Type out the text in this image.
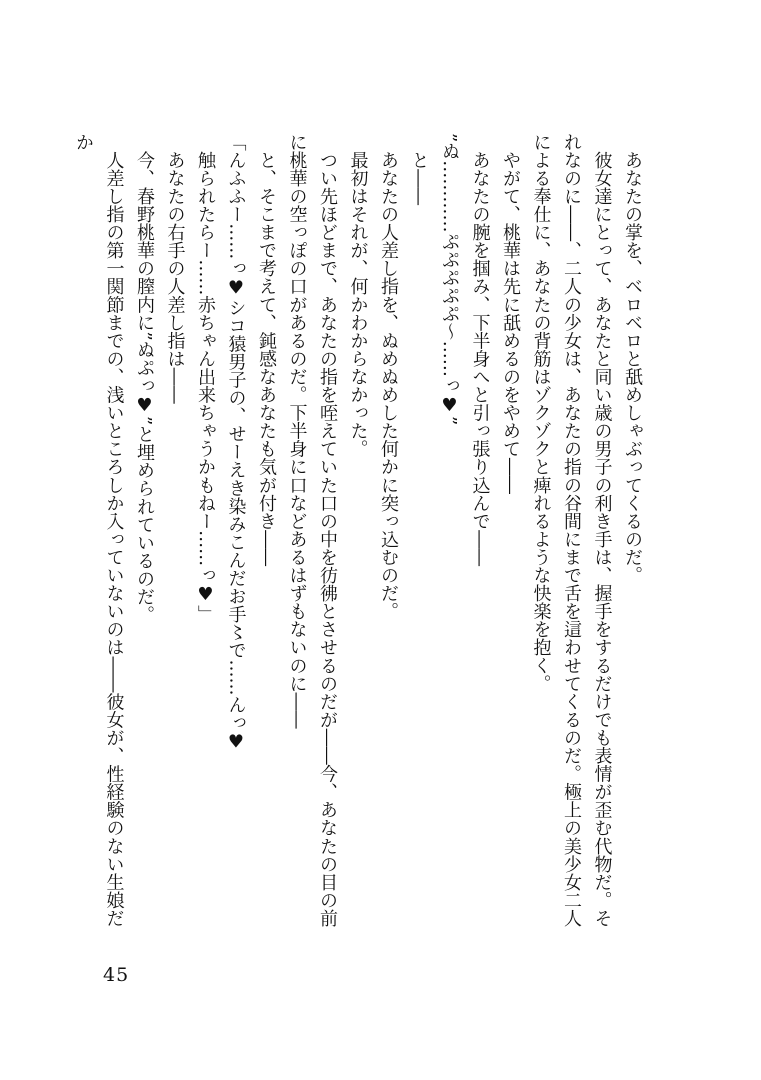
　あなたの掌を、ベロベロと舐めしゃぶってくるのだ。

　彼女達にとって、あなたと同い歳の男子の利き手は、握手をするだけでも表情が歪む代物だ。それなのに――、二人の少女は、あなたの指の谷間にまで舌を這わせてくるのだ。極上の美少女二人による奉仕に、あなたの背筋はゾクゾクと痺れるような快楽を抱く。

　やがて、桃華は先に舐めるのをやめて――

　あなたの腕を掴み、下半身へと引っ張り込んで――

”ぬ…………ぷぷぷぷぷ〜……っ♥”

　と――

　あなたの人差し指を、ぬめぬめした何かに突っ込むのだ。

　最初はそれが、何かわからなかった。

　つい先ほどまで、あなたの指を咥えていた口の中を彷彿とさせるのだが――今、あなたの目の前に桃華の空っぽの口があるのだ。下半身に口などあるはずもないのに――

　と、そこまで考えて、鈍感なあなたも気が付き――

「んふふー……っ♥シコ猿男子の、せーえき染みこんだお手〻で……んっ♥

　触られたらー……赤ちゃん出来ちゃうかもねー……っ♥」

　あなたの右手の人差し指は――

　今、春野桃華の膣内に”ぬぷっ♥”と埋められているのだ。

　人差し指の第一関節までの、浅いところしか入っていないのは――彼女が、性経験のない生娘だか

45
